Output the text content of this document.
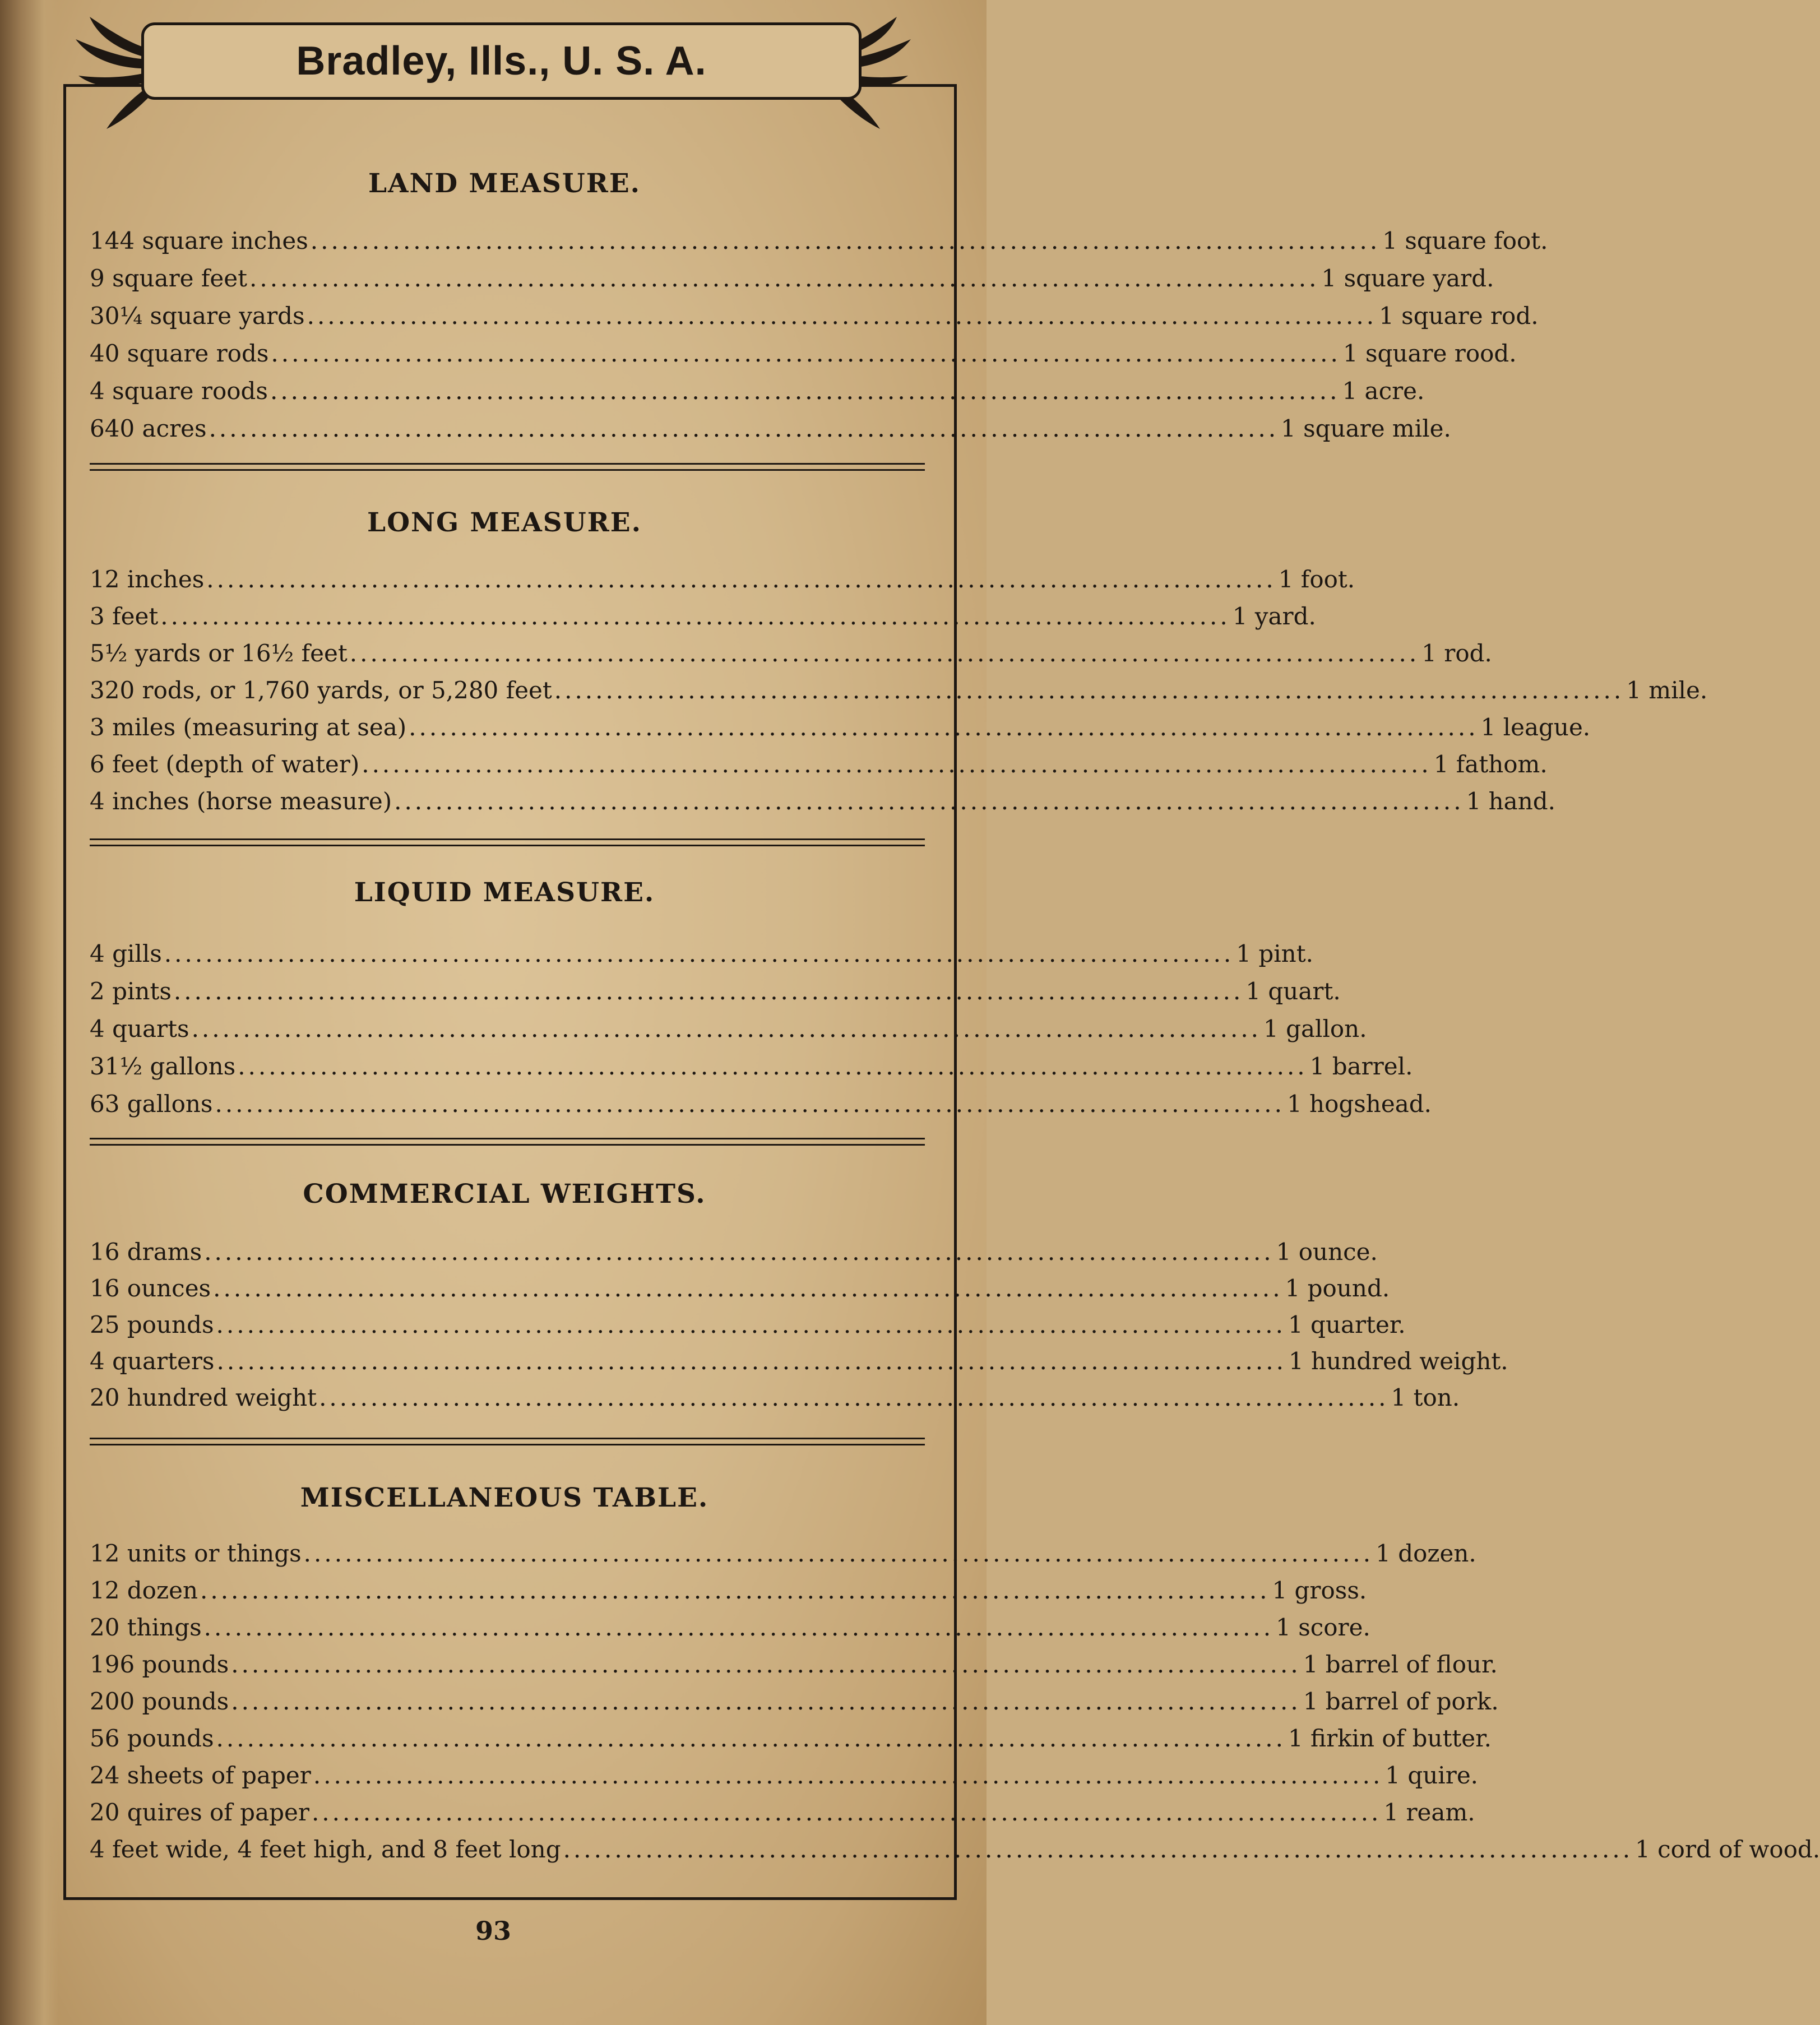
Bradley, Ills., U. S. A.
LAND MEASURE.
144 square inches ........................................................................................................ 1 square foot.
9 square feet ........................................................................................................ 1 square yard.
30¼ square yards ........................................................................................................ 1 square rod.
40 square rods ........................................................................................................ 1 square rood.
4 square roods ........................................................................................................ 1 acre.
640 acres ........................................................................................................ 1 square mile.
LONG MEASURE.
12 inches ........................................................................................................ 1 foot.
3 feet ........................................................................................................ 1 yard.
5½ yards or 16½ feet ........................................................................................................ 1 rod.
320 rods, or 1,760 yards, or 5,280 feet ........................................................................................................ 1 mile.
3 miles (measuring at sea) ........................................................................................................ 1 league.
6 feet (depth of water) ........................................................................................................ 1 fathom.
4 inches (horse measure) ........................................................................................................ 1 hand.
LIQUID MEASURE.
4 gills ........................................................................................................ 1 pint.
2 pints ........................................................................................................ 1 quart.
4 quarts ........................................................................................................ 1 gallon.
31½ gallons ........................................................................................................ 1 barrel.
63 gallons ........................................................................................................ 1 hogshead.
COMMERCIAL WEIGHTS.
16 drams ........................................................................................................ 1 ounce.
16 ounces ........................................................................................................ 1 pound.
25 pounds ........................................................................................................ 1 quarter.
4 quarters ........................................................................................................ 1 hundred weight.
20 hundred weight ........................................................................................................ 1 ton.
MISCELLANEOUS TABLE.
12 units or things ........................................................................................................ 1 dozen.
12 dozen ........................................................................................................ 1 gross.
20 things ........................................................................................................ 1 score.
196 pounds ........................................................................................................ 1 barrel of flour.
200 pounds ........................................................................................................ 1 barrel of pork.
56 pounds ........................................................................................................ 1 firkin of butter.
24 sheets of paper ........................................................................................................ 1 quire.
20 quires of paper ........................................................................................................ 1 ream.
4 feet wide, 4 feet high, and 8 feet long ........................................................................................................ 1 cord of wood.
93
